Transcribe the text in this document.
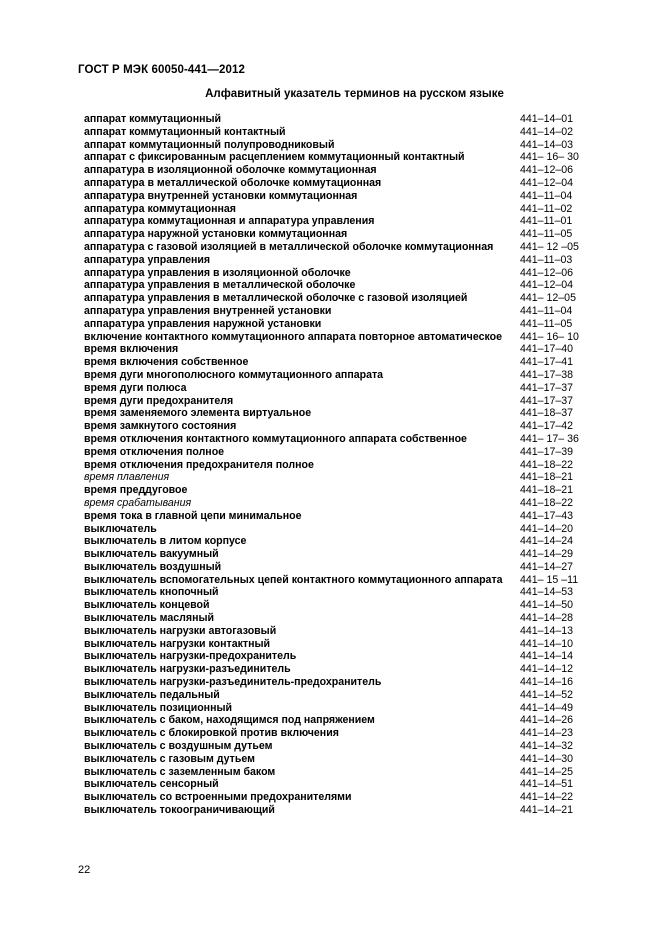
ГОСТ Р МЭК 60050-441—2012
Алфавитный указатель терминов на русском языке
аппарат коммутационный	441–14–01
аппарат коммутационный контактный	441–14–02
аппарат коммутационный полупроводниковый	441–14–03
аппарат с фиксированным расцеплением коммутационный контактный	441– 16– 30
аппаратура в изоляционной оболочке коммутационная	441–12–06
аппаратура в металлической оболочке коммутационная	441–12–04
аппаратура внутренней установки коммутационная	441–11–04
аппаратура коммутационная	441–11–02
аппаратура коммутационная и аппаратура управления	441–11–01
аппаратура наружной установки коммутационная	441–11–05
аппаратура с газовой изоляцией в металлической оболочке коммутационная	441– 12 –05
аппаратура управления	441–11–03
аппаратура управления в изоляционной оболочке	441–12–06
аппаратура управления в металлической оболочке	441–12–04
аппаратура управления в металлической оболочке с газовой изоляцией	441– 12–05
аппаратура управления внутренней установки	441–11–04
аппаратура управления наружной установки	441–11–05
включение контактного коммутационного аппарата повторное автоматическое	441– 16– 10
время включения	441–17–40
время включения собственное	441–17–41
время дуги многополюсного коммутационного аппарата	441–17–38
время дуги полюса	441–17–37
время дуги предохранителя	441–17–37
время заменяемого элемента виртуальное	441–18–37
время замкнутого состояния	441–17–42
время отключения контактного коммутационного аппарата собственное	441– 17– 36
время отключения полное	441–17–39
время отключения предохранителя полное	441–18–22
время плавления	441–18–21
время преддуговое	441–18–21
время срабатывания	441–18–22
время тока в главной цепи минимальное	441–17–43
выключатель	441–14–20
выключатель в литом корпусе	441–14–24
выключатель вакуумный	441–14–29
выключатель воздушный	441–14–27
выключатель вспомогательных цепей контактного коммутационного аппарата	441– 15 –11
выключатель кнопочный	441–14–53
выключатель концевой	441–14–50
выключатель масляный	441–14–28
выключатель нагрузки автогазовый	441–14–13
выключатель нагрузки контактный	441–14–10
выключатель нагрузки-предохранитель	441–14–14
выключатель нагрузки-разъединитель	441–14–12
выключатель нагрузки-разъединитель-предохранитель	441–14–16
выключатель педальный	441–14–52
выключатель позиционный	441–14–49
выключатель с баком, находящимся под напряжением	441–14–26
выключатель с блокировкой против включения	441–14–23
выключатель с воздушным дутьем	441–14–32
выключатель с газовым дутьем	441–14–30
выключатель с заземленным баком	441–14–25
выключатель сенсорный	441–14–51
выключатель со встроенными предохранителями	441–14–22
выключатель токоограничивающий	441–14–21
22
